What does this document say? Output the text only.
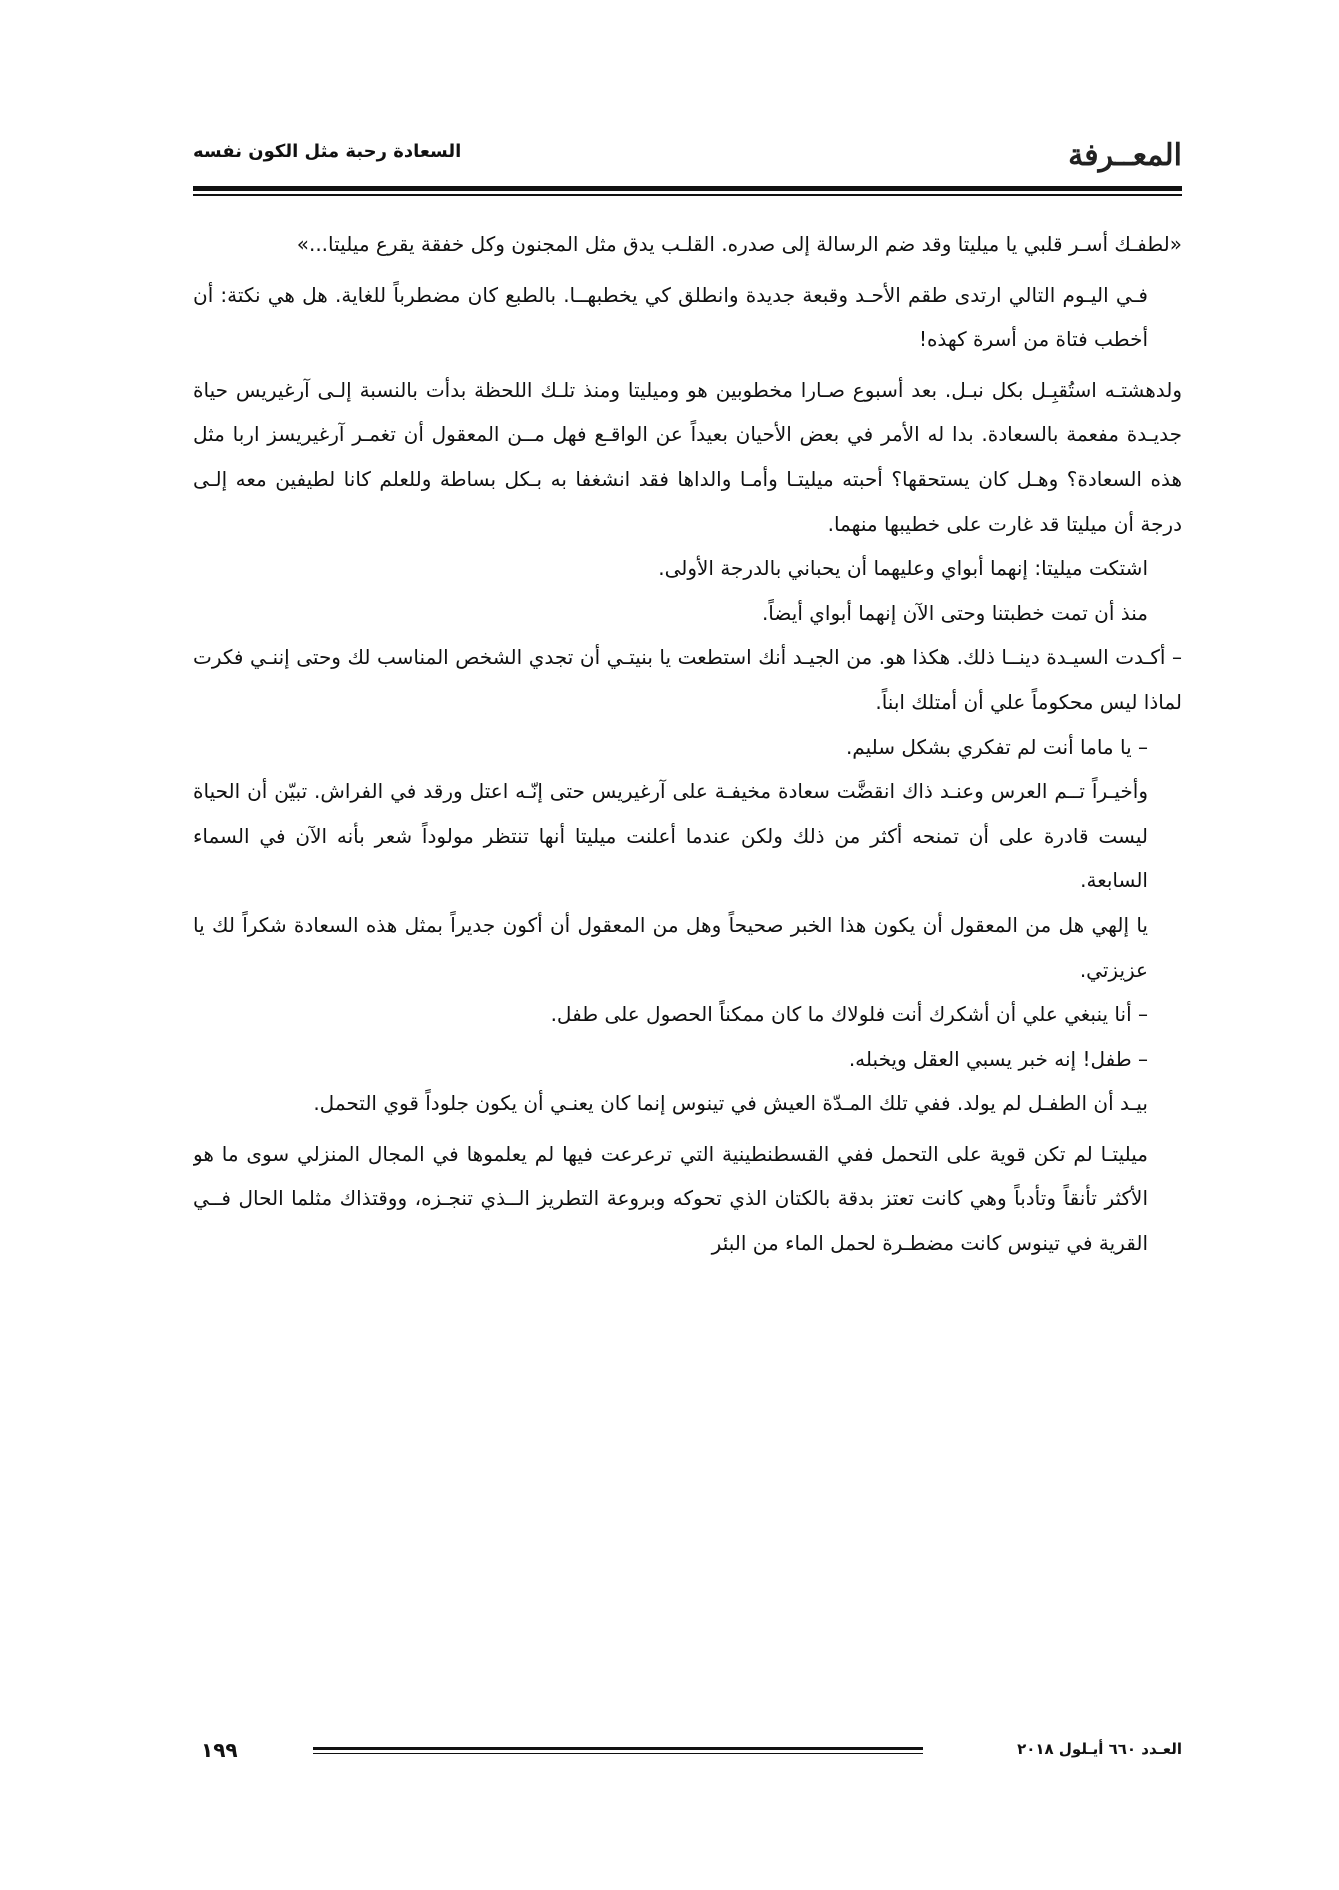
المعــرفة
السعادة رحبة مثل الكون نفسه

«لطفـك أسـر قلبي يا ميليتا وقد ضم الرسالة إلى صدره. القلـب يدق مثل المجنون وكل خفقة يقرع ميليتا...»

فـي اليـوم التالي ارتدى طقم الأحـد وقبعة جديدة وانطلق كي يخطبهــا. بالطبع كان مضطرباً للغاية. هل هي نكتة: أن أخطب فتاة من أسرة كهذه!

ولدهشتـه استُقبِـل بكل نبـل. بعد أسبوع صـارا مخطوبين هو وميليتا ومنذ تلـك اللحظة بدأت بالنسبة إلـى آرغيريس حياة جديـدة مفعمة بالسعادة. بدا له الأمر في بعض الأحيان بعيداً عن الواقـع فهل مــن المعقول أن تغمـر آرغيريسز اربا مثل هذه السعادة؟ وهـل كان يستحقها؟ أحبته ميليتـا وأمـا والداها فقد انشغفا به بـكل بساطة وللعلم كانا لطيفين معه إلـى درجة أن ميليتا قد غارت على خطيبها منهما.

اشتكت ميليتا: إنهما أبواي وعليهما أن يحباني بالدرجة الأولى.

منذ أن تمت خطبتنا وحتى الآن إنهما أبواي أيضاً.

– أكـدت السيـدة دينــا ذلك. هكذا هو. من الجيـد أنك استطعت يا بنيتـي أن تجدي الشخص المناسب لك وحتى إننـي فكرت لماذا ليس محكوماً علي أن أمتلك ابناً.

– يا ماما أنت لم تفكري بشكل سليم.

وأخيـراً تــم العرس وعنـد ذاك انقضَّت سعادة مخيفـة على آرغيريس حتى إنّـه اعتل ورقد في الفراش. تبيّن أن الحياة ليست قادرة على أن تمنحه أكثر من ذلك ولكن عندما أعلنت ميليتا أنها تنتظر مولوداً شعر بأنه الآن في السماء السابعة.

يا إلهي هل من المعقول أن يكون هذا الخبر صحيحاً وهل من المعقول أن أكون جديراً بمثل هذه السعادة شكراً لك يا عزيزتي.

– أنا ينبغي علي أن أشكرك أنت فلولاك ما كان ممكناً الحصول على طفل.

– طفل! إنه خبر يسبي العقل ويخبله.

بيـد أن الطفـل لم يولد. ففي تلك المـدّة العيش في تينوس إنما كان يعنـي أن يكون جلوداً قوي التحمل.

ميليتـا لم تكن قوية على التحمل ففي القسطنطينية التي ترعرعت فيها لم يعلموها في المجال المنزلي سوى ما هو الأكثر تأنقاً وتأدباً وهي كانت تعتز بدقة بالكتان الذي تحوكه وبروعة التطريز الــذي تنجـزه، ووقتذاك مثلما الحال فــي القرية في تينوس كانت مضطـرة لحمل الماء من البئر

العـدد ٦٦٠ أيـلول ٢٠١٨
١٩٩
